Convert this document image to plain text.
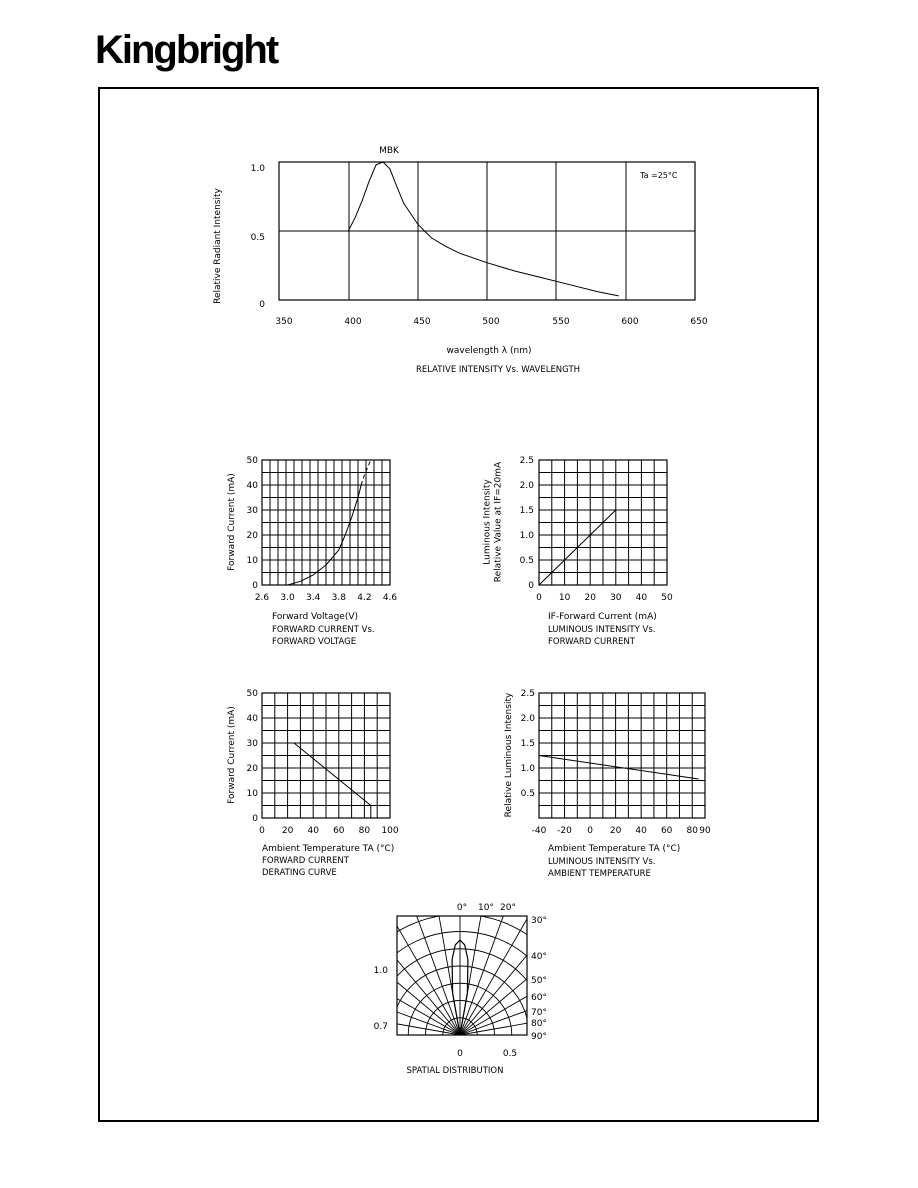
Kingbright
350	400	450	500	550	600	650
0
0.5
1.0
wavelength λ (nm)
Relative Radiant Intensity
RELATIVE INTENSITY Vs. WAVELENGTH
MBK
Ta =25°C
2.6 3.0 3.4 3.8 4.2 4.6
0
10
20
30
40
50
Forward Voltage(V)
Forward Current (mA)
FORWARD CURRENT Vs.
FORWARD VOLTAGE
0 10 20 30 40 50
0
0.5
1.0
1.5
2.0
2.5
IF-Forward Current (mA)
Luminous Intensity Relative Value at IF=20mA
LUMINOUS INTENSITY Vs.
FORWARD CURRENT
0 20 40 60 80 100
0
10
20
30
40
50
Ambient Temperature TA (°C)
Forward Current (mA)
FORWARD CURRENT
DERATING CURVE
-40 -20 0 20 40 60 80 90
0.5
1.0
1.5
2.0
2.5
Ambient Temperature TA (°C)
Relative Luminous Intensity
LUMINOUS INTENSITY Vs.
AMBIENT TEMPERATURE
0° 10° 20°
30°
40°
50°
60°
70°
80°
90°
1.0
0.7
0	0.5
SPATIAL DISTRIBUTION
